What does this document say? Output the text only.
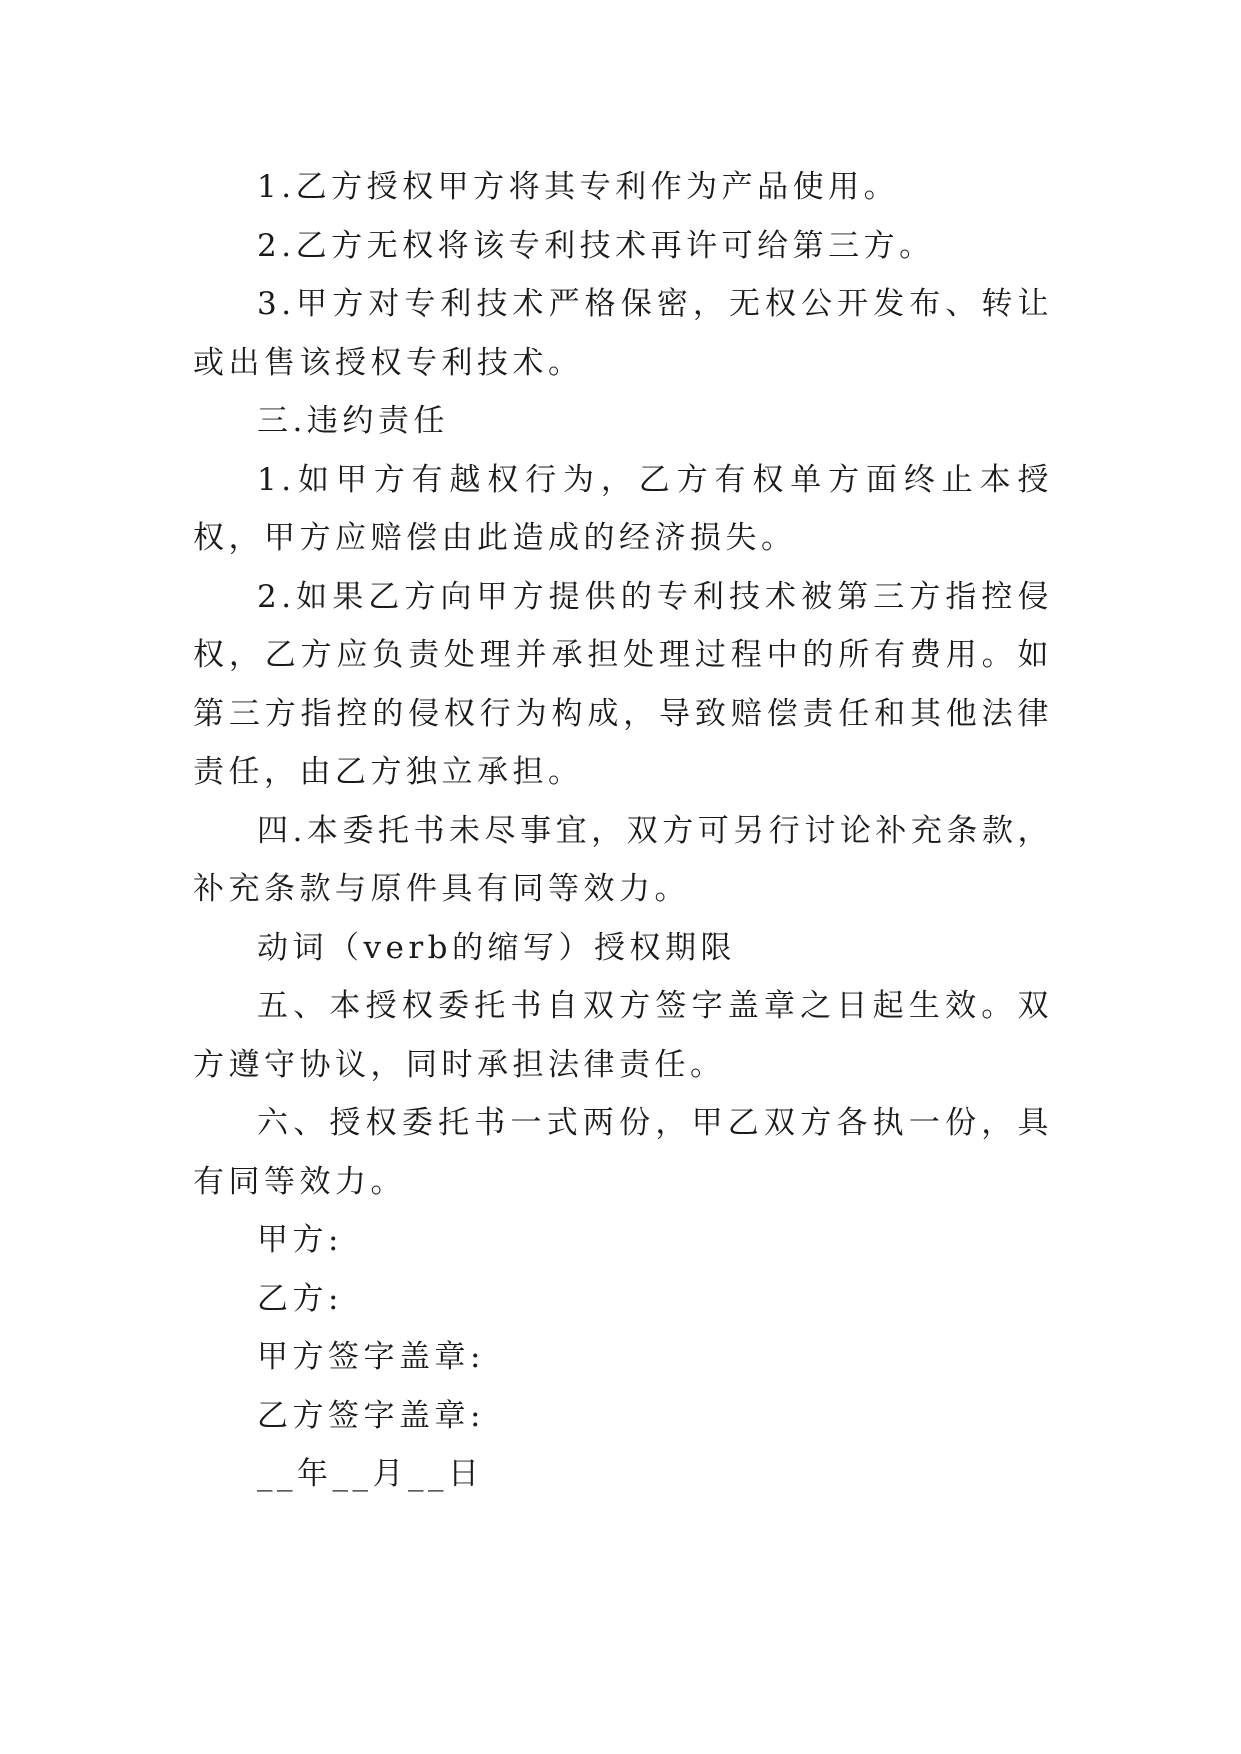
1.乙方授权甲方将其专利作为产品使用。

2.乙方无权将该专利技术再许可给第三方。

3.甲方对专利技术严格保密，无权公开发布、转让或出售该授权专利技术。

三.违约责任

1.如甲方有越权行为，乙方有权单方面终止本授权，甲方应赔偿由此造成的经济损失。

2.如果乙方向甲方提供的专利技术被第三方指控侵权，乙方应负责处理并承担处理过程中的所有费用。如第三方指控的侵权行为构成，导致赔偿责任和其他法律责任，由乙方独立承担。

四.本委托书未尽事宜，双方可另行讨论补充条款，补充条款与原件具有同等效力。

动词（verb的缩写）授权期限

五、本授权委托书自双方签字盖章之日起生效。双方遵守协议，同时承担法律责任。

六、授权委托书一式两份，甲乙双方各执一份，具有同等效力。

甲方:

乙方:

甲方签字盖章:

乙方签字盖章:

__年__月__日
